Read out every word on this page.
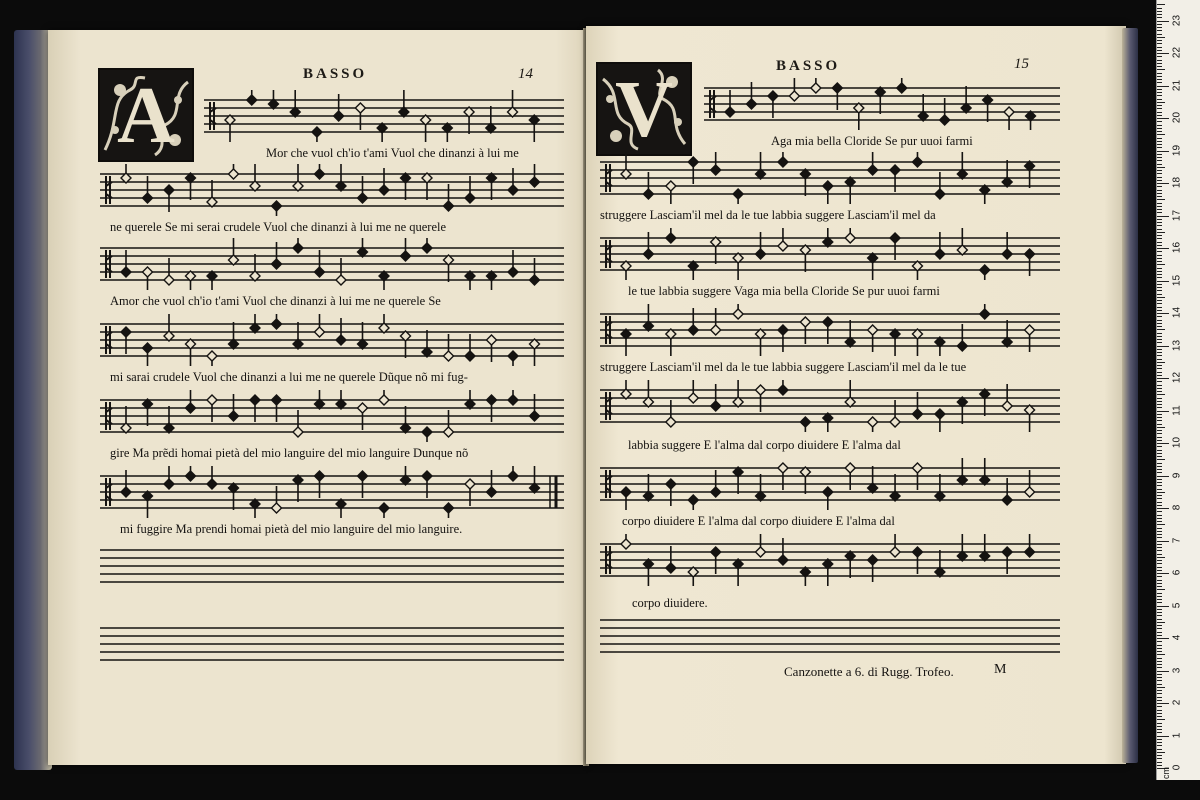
A	BASSO	14
Mor che vuol ch'io t'ami Vuol che dinanzi à lui me
ne querele Se mi serai crudele Vuol che dinanzi à lui me ne querele
Amor che vuol ch'io t'ami Vuol che dinanzi à lui me ne querele Se
mi sarai crudele Vuol che dinanzi a lui me ne querele Dũque nõ mi fug-
gire Ma prẽdi homai pietà del mio languire del mio languire Dunque nõ
mi fuggire Ma prendi homai pietà del mio languire del mio languire.
V	BASSO	15
Aga mia bella Cloride Se pur uuoi farmi
struggere Lasciam'il mel da le tue labbia suggere Lasciam'il mel da
le tue labbia suggere Vaga mia bella Cloride Se pur uuoi farmi
struggere Lasciam'il mel da le tue labbia suggere Lasciam'il mel da le tue
labbia suggere E l'alma dal corpo diuidere E l'alma dal
corpo diuidere E l'alma dal corpo diuidere E l'alma dal
corpo diuidere.
Canzonette a 6. di Rugg. Trofeo.	M
0
1
2
3
4
5
6
7
8
9
10
11
12
13
14
15
16
17
18
19
20
21
22
23
cm
